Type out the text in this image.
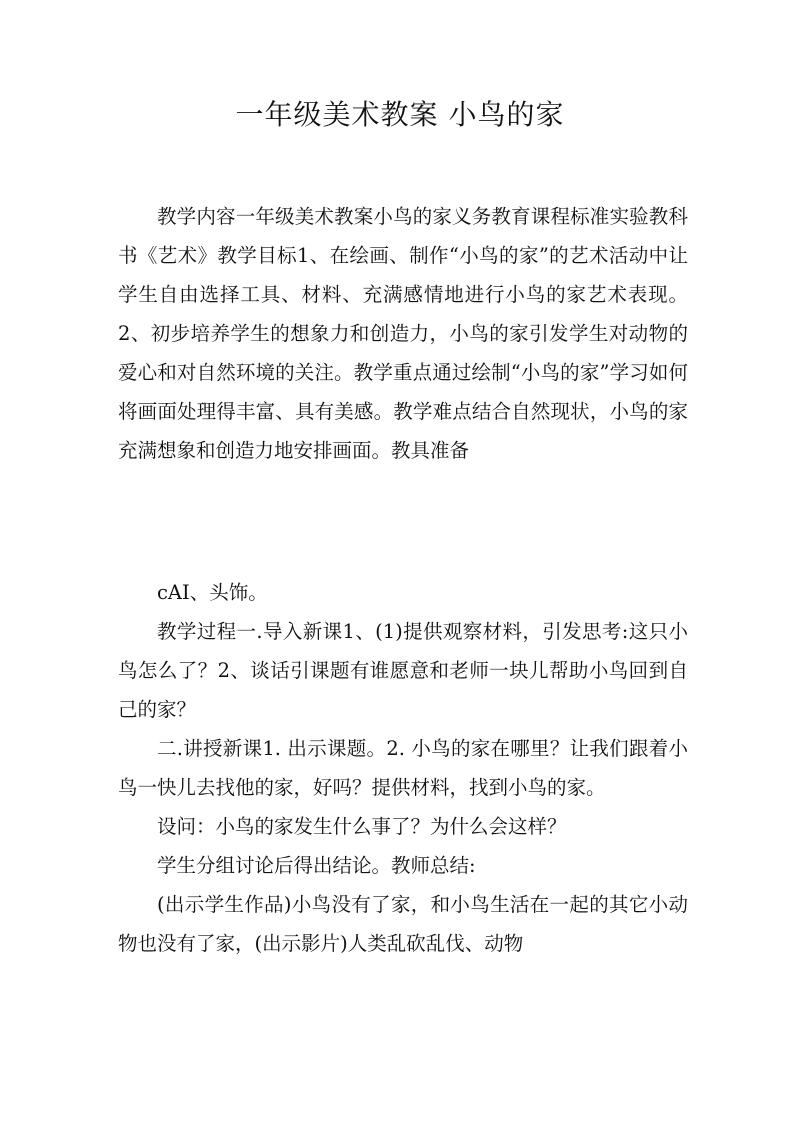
一年级美术教案 小鸟的家

教学内容一年级美术教案小鸟的家义务教育课程标准实验教科书《艺术》教学目标1、在绘画、制作“小鸟的家”的艺术活动中让学生自由选择工具、材料、充满感情地进行小鸟的家艺术表现。2、初步培养学生的想象力和创造力，小鸟的家引发学生对动物的爱心和对自然环境的关注。教学重点通过绘制“小鸟的家”学习如何将画面处理得丰富、具有美感。教学难点结合自然现状，小鸟的家充满想象和创造力地安排画面。教具准备

cAI、头饰。

教学过程一.导入新课1、(1)提供观察材料，引发思考:这只小鸟怎么了？2、谈话引课题有谁愿意和老师一块儿帮助小鸟回到自己的家？

二.讲授新课1. 出示课题。2. 小鸟的家在哪里？让我们跟着小鸟一快儿去找他的家，好吗？提供材料，找到小鸟的家。

设问：小鸟的家发生什么事了？为什么会这样？

学生分组讨论后得出结论。教师总结:

(出示学生作品)小鸟没有了家，和小鸟生活在一起的其它小动物也没有了家，(出示影片)人类乱砍乱伐、动物
